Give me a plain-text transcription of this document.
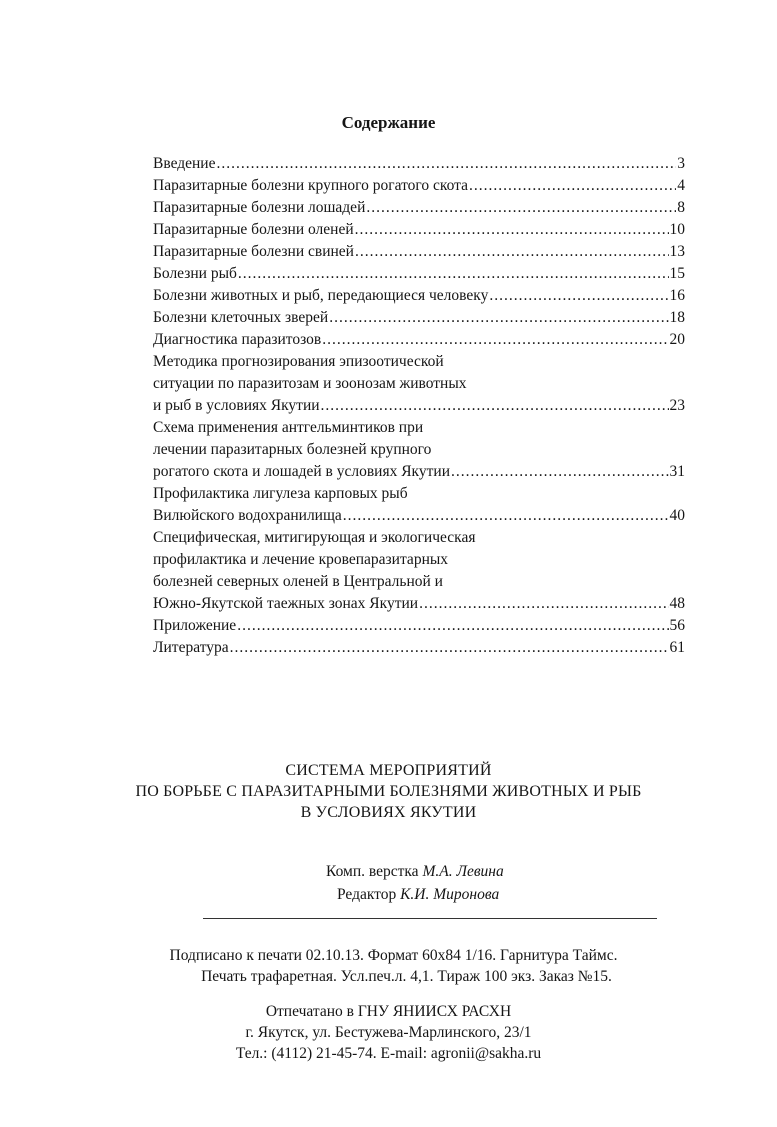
Содержание
Введение .....	3
Паразитарные болезни крупного рогатого скота .....	4
Паразитарные болезни лошадей .....	8
Паразитарные болезни оленей .....	10
Паразитарные болезни свиней .....	13
Болезни рыб .....	15
Болезни животных и рыб, передающиеся человеку .....	16
Болезни клеточных зверей .....	18
Диагностика паразитозов .....	20
Методика прогнозирования эпизоотической
ситуации по паразитозам и зоонозам животных
и рыб в условиях Якутии .....	23
Схема применения антгельминтиков при
лечении паразитарных болезней крупного
рогатого скота и лошадей в условиях Якутии .....	31
Профилактика лигулеза карповых рыб
Вилюйского водохранилища .....	40
Специфическая, митигирующая и экологическая
профилактика и лечение кровепаразитарных
болезней северных оленей в Центральной и
Южно-Якутской таежных зонах Якутии .....	48
Приложение .....	56
Литература .....	61
СИСТЕМА МЕРОПРИЯТИЙ
ПО БОРЬБЕ С ПАРАЗИТАРНЫМИ БОЛЕЗНЯМИ ЖИВОТНЫХ И РЫБ
В УСЛОВИЯХ ЯКУТИИ
Комп. верстка М.А. Левина
Редактор К.И. Миронова
Подписано к печати 02.10.13. Формат 60х84 1/16. Гарнитура Таймс.
Печать трафаретная. Усл.печ.л. 4,1. Тираж 100 экз. Заказ №15.
Отпечатано в ГНУ ЯНИИСХ РАСХН
г. Якутск, ул. Бестужева-Марлинского, 23/1
Тел.: (4112) 21-45-74. E-mail: agronii@sakha.ru
